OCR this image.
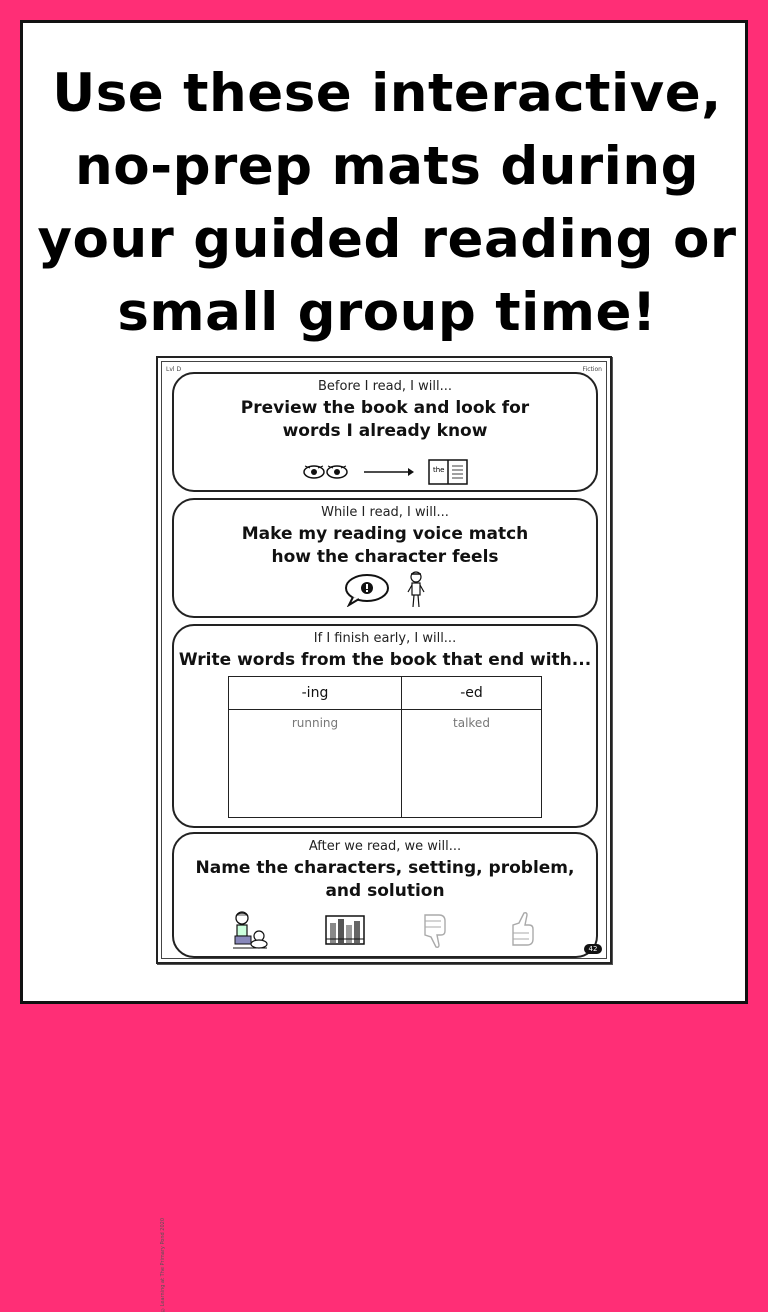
Use these interactive,
no-prep mats during
your guided reading or
small group time!
Lvl D	Fiction
©Learning at The Primary Pond 2020
Before I read, I will...
Preview the book and look for
words I already know
the
While I read, I will...
Make my reading voice match
how the character feels
If I finish early, I will...
Write words from the book that end with...
-ing	-ed
running	talked
After we read, we will...
Name the characters, setting, problem,
and solution
42
